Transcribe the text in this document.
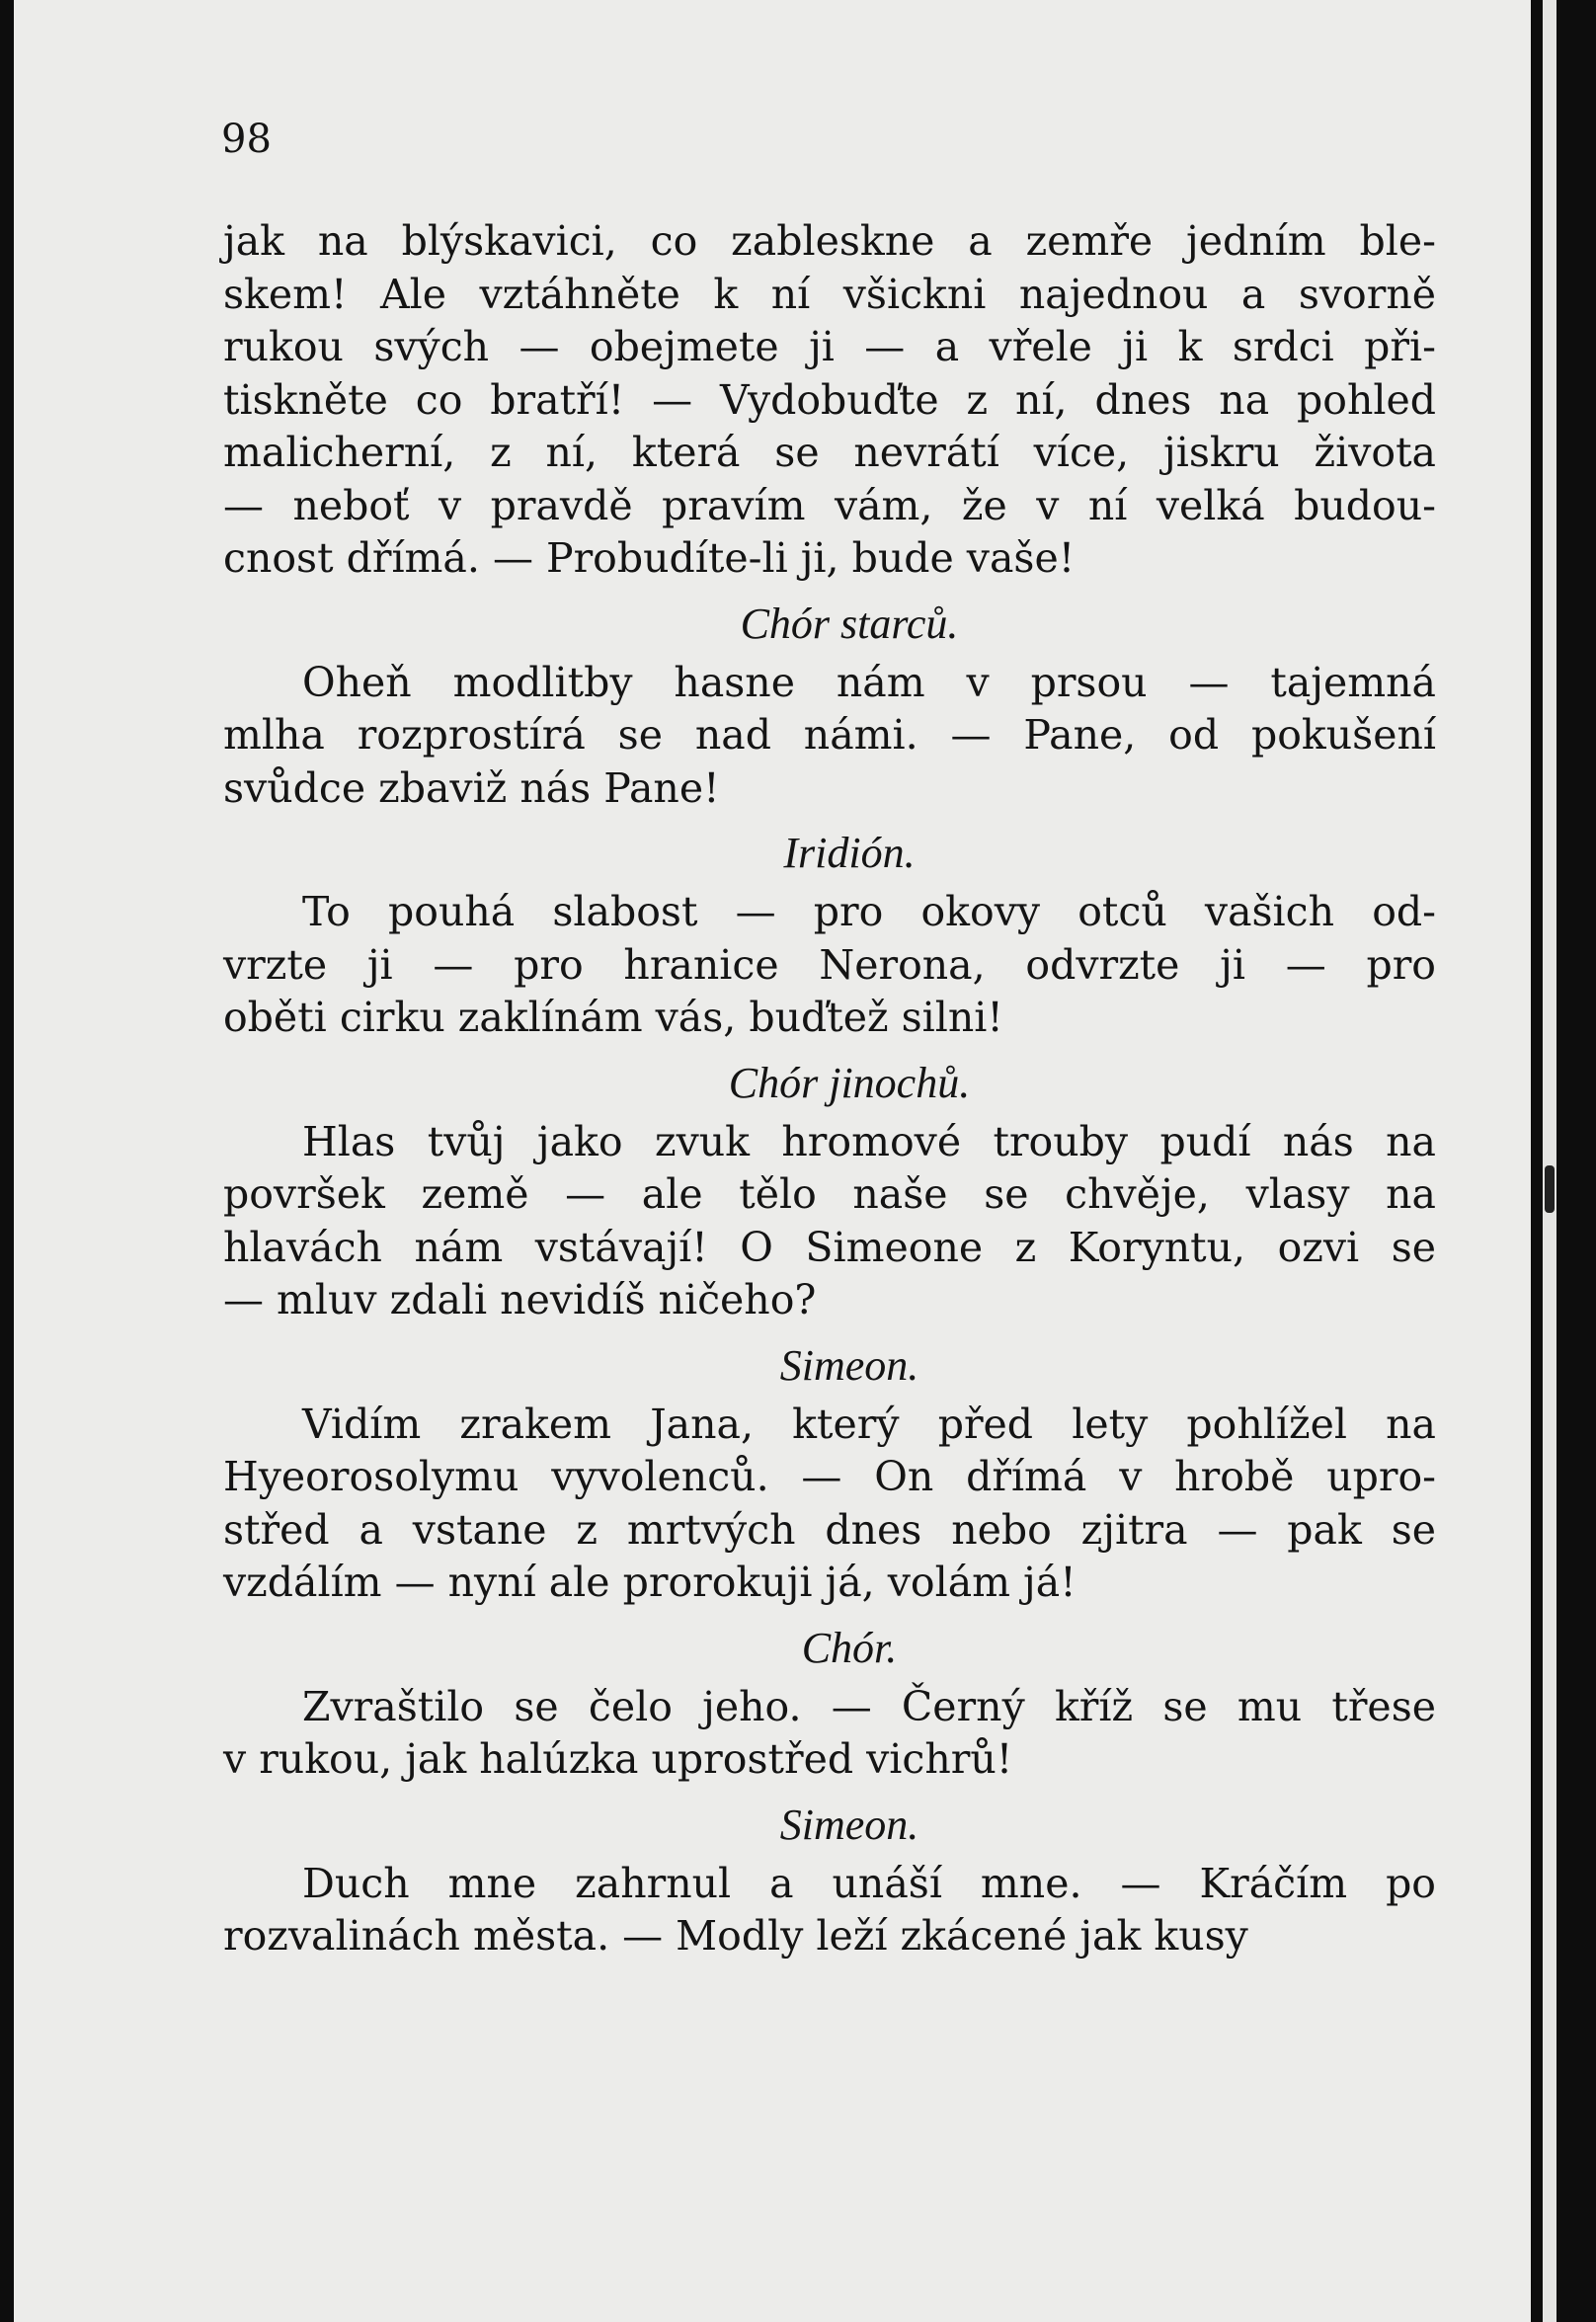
98
jak na blýskavici, co zableskne a zemře jedním ble-
skem! Ale vztáhněte k ní všickni najednou a svorně
rukou svých — obejmete ji — a vřele ji k srdci při-
tiskněte co bratří! — Vydobuďte z ní, dnes na pohled
malicherní, z ní, která se nevrátí více, jiskru života
— neboť v pravdě pravím vám, že v ní velká budou-
cnost dřímá. — Probudíte-li ji, bude vaše!
Chór starců.
Oheň modlitby hasne nám v prsou — tajemná
mlha rozprostírá se nad námi. — Pane, od pokušení
svůdce zbaviž nás Pane!
Iridión.
To pouhá slabost — pro okovy otců vašich od-
vrzte ji — pro hranice Nerona, odvrzte ji — pro
oběti cirku zaklínám vás, buďtež silni!
Chór jinochů.
Hlas tvůj jako zvuk hromové trouby pudí nás na
površek země — ale tělo naše se chvěje, vlasy na
hlavách nám vstávají! O Simeone z Koryntu, ozvi se
— mluv zdali nevidíš ničeho?
Simeon.
Vidím zrakem Jana, který před lety pohlížel na
Hyeorosolymu vyvolenců. — On dřímá v hrobě upro-
střed a vstane z mrtvých dnes nebo zjitra — pak se
vzdálím — nyní ale prorokuji já, volám já!
Chór.
Zvraštilo se čelo jeho. — Černý kříž se mu třese
v rukou, jak halúzka uprostřed vichrů!
Simeon.
Duch mne zahrnul a unáší mne. — Kráčím po
rozvalinách města. — Modly leží zkácené jak kusy
